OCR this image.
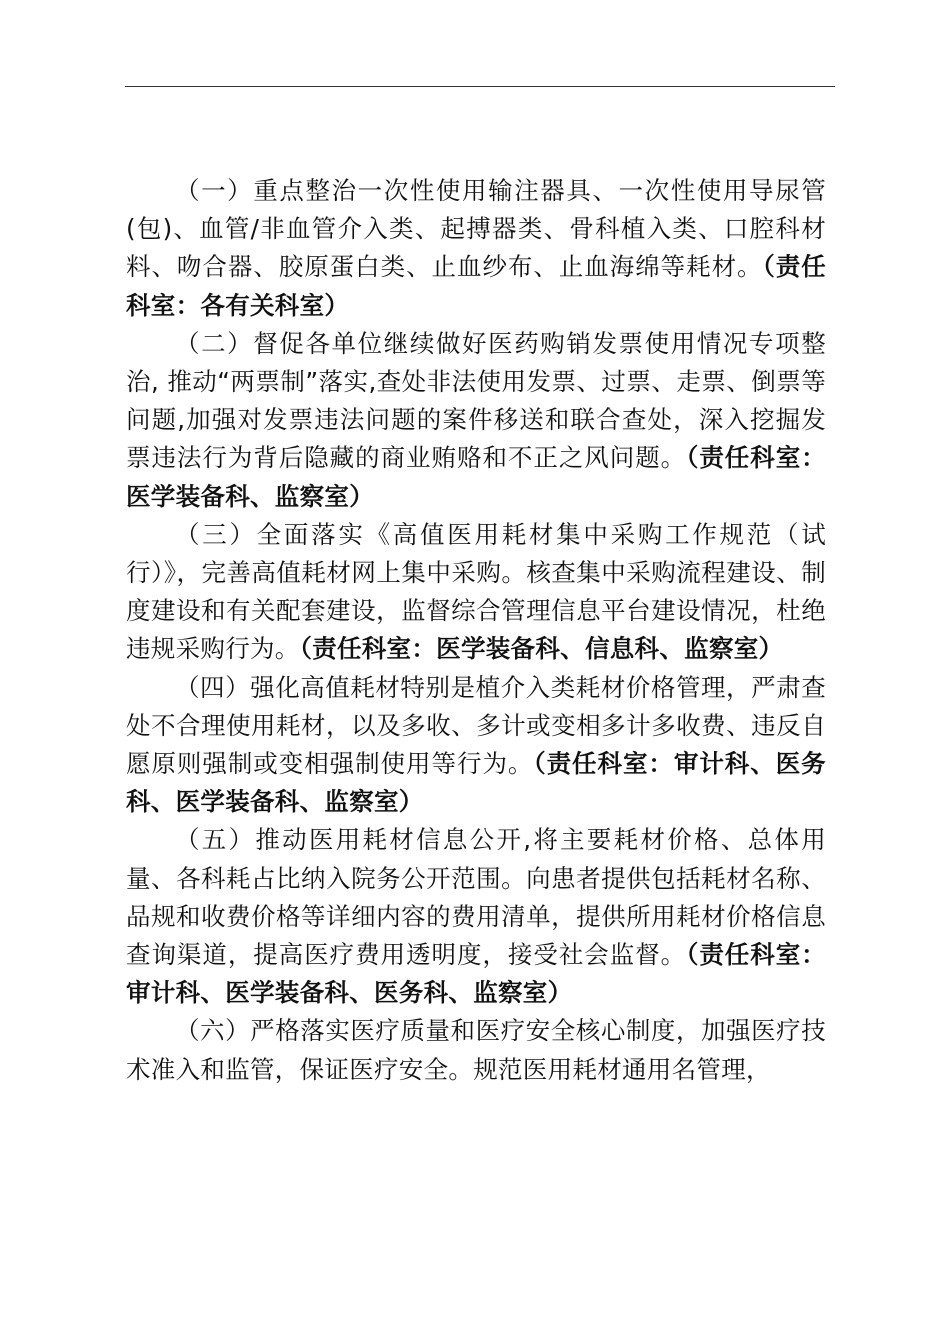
（一）重点整治一次性使用输注器具、一次性使用导尿管(包)、血管/非血管介入类、起搏器类、骨科植入类、口腔科材料、吻合器、胶原蛋白类、止血纱布、止血海绵等耗材。（责任科室：各有关科室）

（二）督促各单位继续做好医药购销发票使用情况专项整治, 推动“两票制”落实,查处非法使用发票、过票、走票、倒票等问题,加强对发票违法问题的案件移送和联合查处，深入挖掘发票违法行为背后隐藏的商业贿赂和不正之风问题。（责任科室：医学装备科、监察室）

（三）全面落实《高值医用耗材集中采购工作规范（试行）》，完善高值耗材网上集中采购。核查集中采购流程建设、制度建设和有关配套建设，监督综合管理信息平台建设情况，杜绝违规采购行为。（责任科室：医学装备科、信息科、监察室）

（四）强化高值耗材特别是植介入类耗材价格管理，严肃查处不合理使用耗材，以及多收、多计或变相多计多收费、违反自愿原则强制或变相强制使用等行为。（责任科室：审计科、医务科、医学装备科、监察室）

（五）推动医用耗材信息公开,将主要耗材价格、总体用量、各科耗占比纳入院务公开范围。向患者提供包括耗材名称、品规和收费价格等详细内容的费用清单，提供所用耗材价格信息查询渠道，提高医疗费用透明度，接受社会监督。（责任科室：审计科、医学装备科、医务科、监察室）

（六）严格落实医疗质量和医疗安全核心制度，加强医疗技术准入和监管，保证医疗安全。规范医用耗材通用名管理，
